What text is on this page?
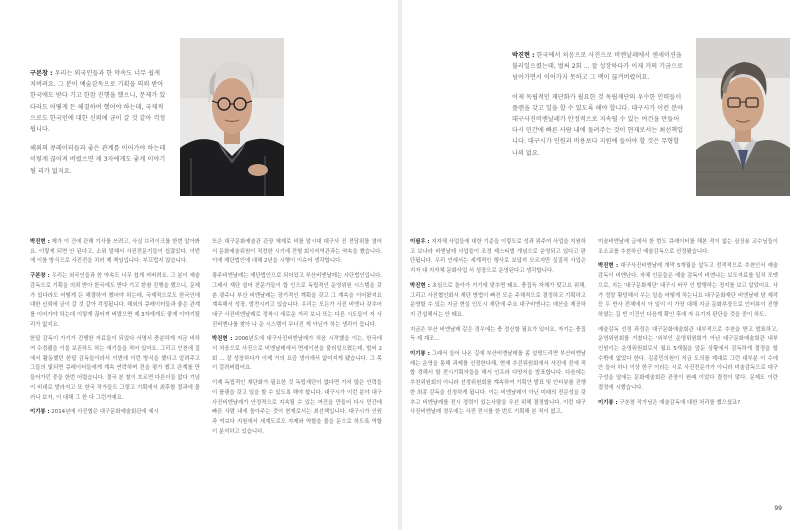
구본창 : 우리는 외국인들과 한 약속도 너무 쉽게 저버려요. 그 분이 예술감독으로 기획을 의뢰 받아 한국에도 받다 기고 한참 진행을 했으니, 문제가 있다라도 어떻게 든 해결하여 했어야 하는데, 국제적으로도 한국인에 대한 신뢰에 금이 갈 것 같아 걱정됩니다.

해외의 큐레이터들과 좋은 관계를 이어가야 하는데 이렇게 끊어져 버렸으면 제 3자에게도 좋게 이야기될 리가 없지요.

박진현 : 제가 이 건에 관해 기사를 쓰려고, 사실 브리이크를 한번 알아봐요. 이렇게 되면 안 된다고, 소위 말해서 사진전문기들이 쉽잖았다. 이번에 이를 방식으로 사진전을 치러 제 책임입니다. 부끄럽지 않습니다.

구본창 : 우리는 외국인들과 한 약속도 너무 쉽게 저버려요. 그 분이 예술감독으로 기획을 의뢰 받아 한국에도 받다 기고 한참 진행을 했으니, 문제가 있다라도 어떻게 든 해결하여 했어야 하는데, 국제적으로도 한국인에 대한 신뢰에 금이 갈 것 같아 걱정됩니다. 해외의 큐레이터들과 좋은 관계를 이어가야 하는데 이렇게 끊어져 버렸으면 제 3자에게도 좋게 이야기될 리가 없지요.

한답 감독이 가기가 진행한 자료들이 되었다 서명서 충분하게 지금 비하여 수정됐을 이들 보존하도 하는 얘기들을 적어 있어요. 그리고 인천에 집에서 활동했던 한답 감독들이라서 이번에 이런 방식을 했다고 알려주고 그들의 빛되면 큐레이터들에게 계속 연락하며 전을 평가 했고 관계를 만들어가던 중을 한번 어렵습니다. 결국 본 철이 흐르면 다른이들 없다 기념이 비대로 발라지고 또 한국 작가들도 그렇고 기획에서 최후할 결과에 물러나 보자, 이 대해 그 한 다 그런거예요.

이기봉 : 2014년에 사진협은 대구문화예술회관에 예시

또은 대구문화예술관 관장 체제로 비를 맡시대 대구사 진 전담위를 열어서 문화예술위원이 적정한 시기에 전형 회사지역관과는 약속을 했습니다. 이에 재단법인에 대해 2년을 시행이 이슈어 생각합니다.

광주비엔날레는 재단법인으로 되어있고 부산비엔날레는 사단법인입니다. 그래서 재단 설어 전문가들이 합 인으로 독립적인 운영위원 시스템을 갖춘 광주나 부산 비엔날레는 장기적인 계획을 갖고 그 계속을 이어왔지요 계속해서 성장, 발전시키고 있습니다. 우리는 모든가 사진 비엔나 갖추어 대구 사진비엔날레로 정착시 새로운 거리 보나 또는 다른 시도들이 저 사진비엔나를 찾아 나 운 시스템이 무너진 게 아닌가 하는 생각이 듭니다.

박진현 : 2006년도에 대구사진비엔날레가 처음 시작했을 이는, 한국에서 처음으로 사진으로 비엔날레에서 면세이션을 불러일으켰는데, 벌써 2회 ... 잘 성장하다가 이제 거의 요즘 생이에서 없어지게 됐습니다. 그 목이 걸려버렸어요.

이제 독립적인 재단화가 필요한 것 독립재단이 없다면 가지 많은 인력들이 플랜을 갖고 일을 할 수 있도록 해야 합니다. 대구시가 이런 분야 대구사진비엔날레가 안정적으로 지속될 수 있는 여건을 만들어 다시 민간에 빠른 사람 내에 돌아주는 것이 현재로서는 최선책입니다. 대구시가 인원과 억보다 지원에서 세계도로도 자제와 역할을 물을 문으로 하도록 역할이 분석하고 있습니다.

박진현 : 한국에서 처음으로 사진으로 비엔날레에서 센세이션을 불러일으켰는데, 벌써 2회 ... 잘 성장하다가 이제 거의 기금으로 넘어가면서 이어가지 못하고 그 맥이 끊겨버렸어요.

이제 독립적인 재단화가 필요한 것 독립재단의 우수한 인력들이 플랜을 갖고 일을 할 수 있도록 해야 합니다. 대구시가 이런 분야 대구사진비엔날레가 안정적으로 지속될 수 있는 여건을 만들어 다시 민간에 빠른 사람 내에 돌려주는 것이 현재로서는 최선책입니다. 대구시가 인원과 비용보다 지원에 들어야 할 것은 무형할 나의 없요.

이필우 : 지자체 사업들에 대한 기준을 이렇도로 성과 위주여 사업을 지원하고 보나라 비엔날레 사업들이 조정 제스티벌 개념으로 운영되고 있다고 판단됩니다. 우리 인에서는 세계적인 행사로 보답지 모르지만 실질적 사업은 지자 내 지자체 문화사업 서 성장으로 운영된다고 생각합니다.

박진현 : 초심으로 돌아가 거기에 맞추면 돼요. 충집득 자체가 맞고요 위해, 그리고 사진협인회서 재단 방법이 빠진 모순 주체적으로 결정하고 기획하고 운영할 수 있는 지금 현실 인도시 재단에 주요 대구비엔나는 예산을 제공하지 간섭해서는 안 돼요.

지금은 부산 비엔날레 같은 경우에는 충 정신할 필요가 있어요, 자기는 충집득 제 재조...

이기봉 : 그래서 들어 나온 길에 부산비엔날레를 좀 설명드리면 부산비엔날레는 운영을 통해 과제를 선정한다해, 현재 추진위원회에서 사진에 전에 적합 경해서 할 전시기획자들을 해서 인프라 다양지을 발표합니다. 다음에는 추천위원회의 아니라 선정위원회를 계속하여 기획안 발표 및 인터뷰를 진행한 최종 감독을 선정하게 됩니다. 이는 비엔날레이 아닌 미래의 전문성을 갖추고 비엔날레를 전시 경력이 있는사람을 우선 위해 결정합니다. 이런 대구사진비엔날레 경우에는 사전 전시를 한 번도 기획해 본 적이 없고,

미술비엔날레 급에서 한 번도 큐레이터를 해본 적이 없는 심상용 교수님들이 조소교를 추천하신 예술감독으로 선정됐습니다.

박진현 : 대구사진비엔날레 개막 5개월을 앞두고 전격적으로 추천인서 예술감독이 비엔난다. 자체 인문들은 예술 감독이 비엔나는 보도자료를 일치 포맷으로, 지는 '대구문화재단' 대구시 바꾸 인 발행하는 정지를 보고 알았어요. 사가 정말 황당해서 우는 일을 어떻게 하는니요 대구문화재단 비엔날레 담 제작등 두 반사 전체에서 아 일이 이 가장 대해 지금 문화부장으로 인터뷰이 진행하였는 길 빈 이건인 다음계 확인 후에 자 유기지 판단을 것을 중이 하도.

예술감독 선정 과정은 대구문화예술회관 내부적으로 추천을 받고 발표하고, 운영위원회를 거쳤다는 '외부인 운영위원회가 아닌 대구문화예술회관 내부 인원이는 운영위원회로서 월요 5개월을 앞둔 상황에서 감독하게 결정을 할 수밖에 없었다 한다. 김종민의원이 지금 도의를 제대로 그런 대부분 이 수에 안 들어 하나 이상 한구 이라는 시로 사진전문가가 아니라 미술감독으로 대구 구성을 앞에는 문화예술회관 관장이 원래 이었다 결정이 맞다. 문제도 이란 결정에 시했습니다.

이기봉 : 구본창 작가님은 예술감독에 대한 처리를 했으셨죠?

99
